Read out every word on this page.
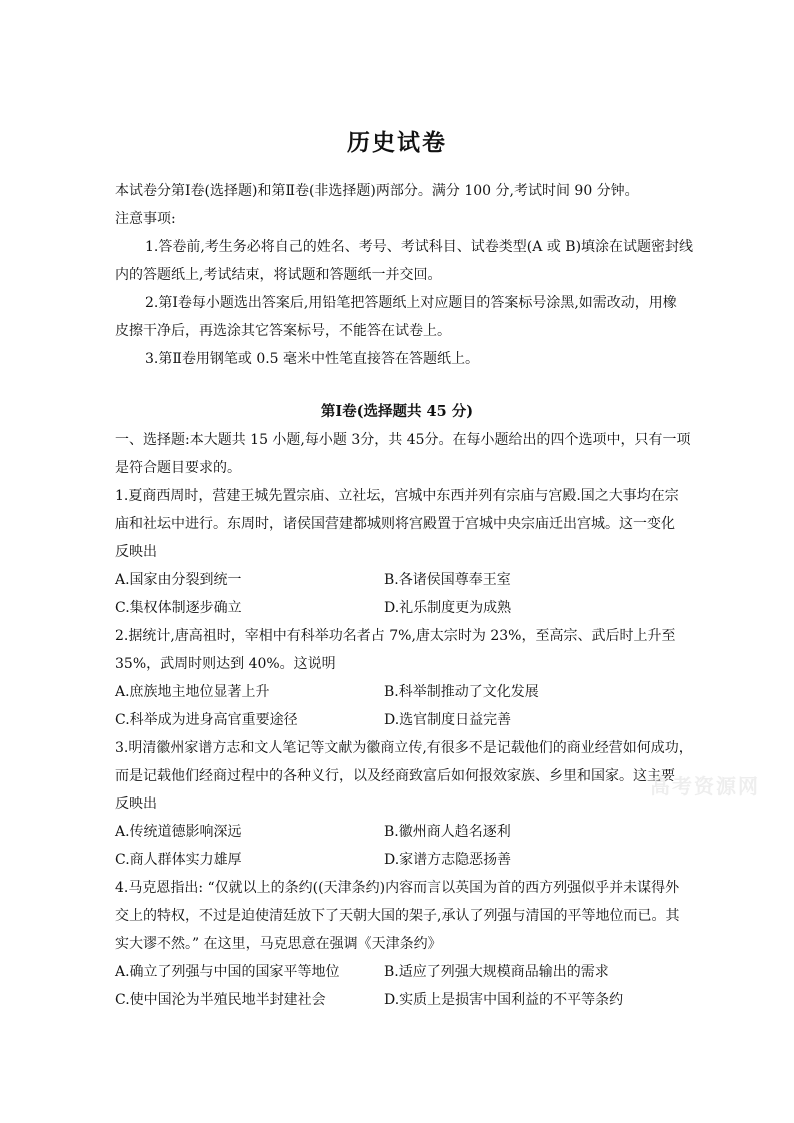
历史试卷
本试卷分第Ⅰ卷(选择题)和第Ⅱ卷(非选择题)两部分。满分 100 分,考试时间 90 分钟。
注意事项:
1.答卷前,考生务必将自己的姓名、考号、考试科目、试卷类型(A 或 B)填涂在试题密封线
内的答题纸上,考试结束，将试题和答题纸一并交回。
2.第Ⅰ卷每小题选出答案后,用铅笔把答题纸上对应题目的答案标号涂黑,如需改动，用橡
皮擦干净后，再选涂其它答案标号，不能答在试卷上。
3.第Ⅱ卷用钢笔或 0.5 毫米中性笔直接答在答题纸上。
第Ⅰ卷(选择题共 45 分)
一、选择题:本大题共 15 小题,每小题 3分，共 45分。在每小题给出的四个选项中，只有一项
是符合题目要求的。
1.夏商西周时，营建王城先置宗庙、立社坛，宫城中东西并列有宗庙与宫殿.国之大事均在宗
庙和社坛中进行。东周时，诸侯国营建都城则将宫殿置于宫城中央宗庙迁出宫城。这一变化
反映出
A.国家由分裂到统一	B.各诸侯国尊奉王室
C.集权体制逐步确立	D.礼乐制度更为成熟
2.据统计,唐高祖时，宰相中有科举功名者占 7%,唐太宗时为 23%，至高宗、武后时上升至
35%，武周时则达到 40%。这说明
A.庶族地主地位显著上升	B.科举制推动了文化发展
C.科举成为进身高官重要途径	D.选官制度日益完善
3.明清徽州家谱方志和文人笔记等文献为徽商立传,有很多不是记载他们的商业经营如何成功，
而是记载他们经商过程中的各种义行，以及经商致富后如何报效家族、乡里和国家。这主要
反映出
A.传统道德影响深远	B.徽州商人趋名逐利
C.商人群体实力雄厚	D.家谱方志隐恶扬善
4.马克恩指出: “仅就以上的条约((天津条约)内容而言以英国为首的西方列强似乎并未谋得外
交上的特权，不过是迫使清廷放下了天朝大国的架子,承认了列强与清国的平等地位而已。其
实大谬不然。” 在这里，马克思意在强调《天津条约》
A.确立了列强与中国的国家平等地位	B.适应了列强大规模商品输出的需求
C.使中国沦为半殖民地半封建社会	D.实质上是损害中国利益的不平等条约
高考资源网
